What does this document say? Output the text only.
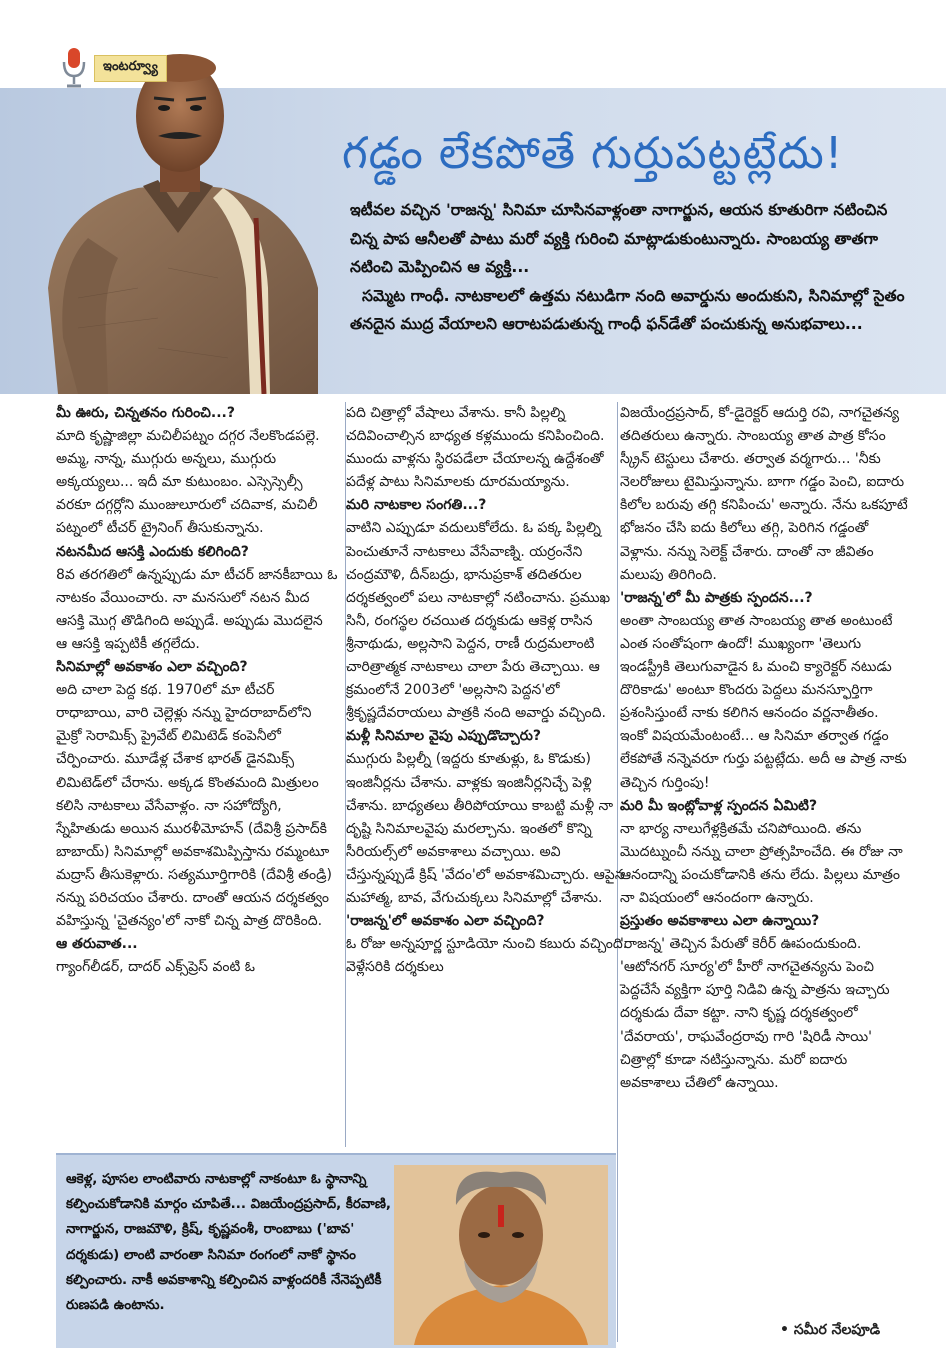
ఇంటర్వ్యూ
గడ్డం లేకపోతే గుర్తుపట్టట్లేదు!

ఇటీవల వచ్చిన 'రాజన్న' సినిమా చూసినవాళ్లంతా నాగార్జున, ఆయన కూతురిగా నటించిన చిన్న పాప ఆనీలతో పాటు మరో వ్యక్తి గురించి మాట్లాడుకుంటున్నారు. సాంబయ్య తాతగా నటించి మెప్పించిన ఆ వ్యక్తి...

సమ్మెట గాంధీ. నాటకాలలో ఉత్తమ నటుడిగా నంది అవార్డును అందుకుని, సినిమాల్లో సైతం తనదైన ముద్ర వేయాలని ఆరాటపడుతున్న గాంధీ ఫన్‌డేతో పంచుకున్న అనుభవాలు...

మీ ఊరు, చిన్నతనం గురించి...?

మాది కృష్ణాజిల్లా మచిలీపట్నం దగ్గర నేలకొండపల్లె. అమ్మ, నాన్న, ముగ్గురు అన్నలు, ముగ్గురు అక్కయ్యలు... ఇదీ మా కుటుంబం. ఎస్సెస్సెల్సీ వరకూ దగ్గర్లోని ముంజులూరులో చదివాక, మచిలీ పట్నంలో టీచర్ ట్రైనింగ్ తీసుకున్నాను.

నటనమీద ఆసక్తి ఎందుకు కలిగింది?

8వ తరగతిలో ఉన్నప్పుడు మా టీచర్ జానకీబాయి ఓ నాటకం వేయించారు. నా మనసులో నటన మీద ఆసక్తి మొగ్గ తొడిగింది అప్పుడే. అప్పుడు మొదలైన ఆ ఆసక్తి ఇప్పటికీ తగ్గలేదు.

సినిమాల్లో అవకాశం ఎలా వచ్చింది?

అది చాలా పెద్ద కథ. 1970లో మా టీచర్ రాధాబాయి, వారి చెల్లెళ్లు నన్ను హైదరాబాద్‌లోని మైక్రో సెరామిక్స్ ప్రైవేట్ లిమిటెడ్ కంపెనీలో చేర్పించారు. మూడేళ్ల చేశాక భారత్ డైనమిక్స్ లిమిటెడ్‌లో చేరాను. అక్కడ కొంతమంది మిత్రులం కలిసి నాటకాలు వేసేవాళ్లం. నా సహోద్యోగి, స్నేహితుడు అయిన మురళీమోహన్ (దేవిశ్రీ ప్రసాద్‌కి బాబాయ్) సినిమాల్లో అవకాశమిప్పిస్తాను రమ్మంటూ మద్రాస్ తీసుకెళ్లారు. సత్యమూర్తిగారికి (దేవిశ్రీ తండ్రి) నన్ను పరిచయం చేశారు. దాంతో ఆయన దర్శకత్వం వహిస్తున్న 'చైతన్యం'లో నాకో చిన్న పాత్ర దొరికింది.

ఆ తరువాత...

గ్యాంగ్‌లీడర్, దాదర్ ఎక్స్‌ప్రెస్ వంటి ఓ

పది చిత్రాల్లో వేషాలు వేశాను. కానీ పిల్లల్ని చదివించాల్సిన బాధ్యత కళ్లముందు కనిపించింది. ముందు వాళ్లను స్థిరపడేలా చేయాలన్న ఉద్దేశంతో పదేళ్ల పాటు సినిమాలకు దూరమయ్యాను.

మరి నాటకాల సంగతి...?

వాటిని ఎప్పుడూ వదులుకోలేదు. ఓ పక్క పిల్లల్ని పెంచుతూనే నాటకాలు వేసేవాణ్ని. యర్రంనేని చంద్రమౌళి, దీన్‌బద్రు, భానుప్రకాశ్ తదితరుల దర్శకత్వంలో పలు నాటకాల్లో నటించాను. ప్రముఖ సినీ, రంగస్థల రచయిత దర్శకుడు ఆకెళ్ల రాసిన శ్రీనాథుడు, అల్లసాని పెద్దన, రాణీ రుద్రమలాంటి చారిత్రాత్మక నాటకాలు చాలా పేరు తెచ్చాయి. ఆ క్రమంలోనే 2003లో 'అల్లసాని పెద్దన'లో శ్రీకృష్ణదేవరాయలు పాత్రకి నంది అవార్డు వచ్చింది.

మళ్లీ సినిమాల వైపు ఎప్పుడొచ్చారు?

ముగ్గురు పిల్లల్నీ (ఇద్దరు కూతుళ్లు, ఓ కొడుకు) ఇంజినీర్లను చేశాను. వాళ్లకు ఇంజినీర్లనిచ్చే పెళ్లి చేశాను. బాధ్యతలు తీరిపోయాయి కాబట్టి మళ్లీ నా దృష్టి సినిమాలవైపు మరల్చాను. ఇంతలో కొన్ని సీరియల్స్‌లో అవకాశాలు వచ్చాయి. అవి చేస్తున్నప్పుడే క్రిష్ 'వేదం'లో అవకాశమిచ్చారు. ఆపైన మహాత్మ, బావ, వేగుచుక్కలు సినిమాల్లో చేశాను.

'రాజన్న'లో అవకాశం ఎలా వచ్చింది?

ఓ రోజు అన్నపూర్ణ స్టూడియో నుంచి కబురు వచ్చింది. వెళ్లేసరికి దర్శకులు

విజయేంద్రప్రసాద్, కో-డైరెక్టర్ ఆదుర్తి రవి, నాగచైతన్య తదితరులు ఉన్నారు. సాంబయ్య తాత పాత్ర కోసం స్క్రీన్ టెస్టులు చేశారు. తర్వాత వర్మగారు... 'నీకు నెలరోజులు టైమిస్తున్నాను. బాగా గడ్డం పెంచి, ఐదారు కిలోల బరువు తగ్గి కనిపించు' అన్నారు. నేను ఒకపూటే భోజనం చేసి ఐదు కిలోలు తగ్గి, పెరిగిన గడ్డంతో వెళ్లాను. నన్ను సెలెక్ట్ చేశారు. దాంతో నా జీవితం మలుపు తిరిగింది.

'రాజన్న'లో మీ పాత్రకు స్పందన...?

అంతా సాంబయ్య తాత సాంబయ్య తాత అంటుంటే ఎంత సంతోషంగా ఉందో! ముఖ్యంగా 'తెలుగు ఇండస్ట్రీకి తెలుగువాడైన ఓ మంచి క్యారెక్టర్ నటుడు దొరికాడు' అంటూ కొందరు పెద్దలు మనస్ఫూర్తిగా ప్రశంసిస్తుంటే నాకు కలిగిన ఆనందం వర్ణనాతీతం. ఇంకో విషయమేంటంటే... ఆ సినిమా తర్వాత గడ్డం లేకపోతే నన్నెవరూ గుర్తు పట్టట్లేదు. అదీ ఆ పాత్ర నాకు తెచ్చిన గుర్తింపు!

మరి మీ ఇంట్లోవాళ్ల స్పందన ఏమిటి?

నా భార్య నాలుగేళ్లక్రితమే చనిపోయింది. తను మొదట్నుంచీ నన్ను చాలా ప్రోత్సహించేది. ఈ రోజు నా ఆనందాన్ని పంచుకోడానికి తను లేదు. పిల్లలు మాత్రం నా విషయంలో ఆనందంగా ఉన్నారు.

ప్రస్తుతం అవకాశాలు ఎలా ఉన్నాయి?

'రాజన్న' తెచ్చిన పేరుతో కెరీర్ ఊపందుకుంది. 'ఆటోనగర్ సూర్య'లో హీరో నాగచైతన్యను పెంచి పెద్దచేసే వ్యక్తిగా పూర్తి నిడివి ఉన్న పాత్రను ఇచ్చారు దర్శకుడు దేవా కట్టా. నాని కృష్ణ దర్శకత్వంలో 'దేవరాయ', రాఘవేంద్రరావు గారి 'షిరిడీ సాయి' చిత్రాల్లో కూడా నటిస్తున్నాను. మరో ఐదారు అవకాశాలు చేతిలో ఉన్నాయి.

ఆకెళ్ల, పూసల లాంటివారు నాటకాల్లో నాకంటూ ఓ స్థానాన్ని కల్పించుకోడానికి మార్గం చూపితే... విజయేంద్రప్రసాద్, కీరవాణి, నాగార్జున, రాజమౌళి, క్రిష్, కృష్ణవంశీ, రాంబాబు ('బావ' దర్శకుడు) లాంటి వారంతా సినిమా రంగంలో నాకో స్థానం కల్పించారు. నాకీ అవకాశాన్ని కల్పించిన వాళ్లందరికీ నేనెప్పటికీ రుణపడి ఉంటాను.

• సమీర నేలపూడి
